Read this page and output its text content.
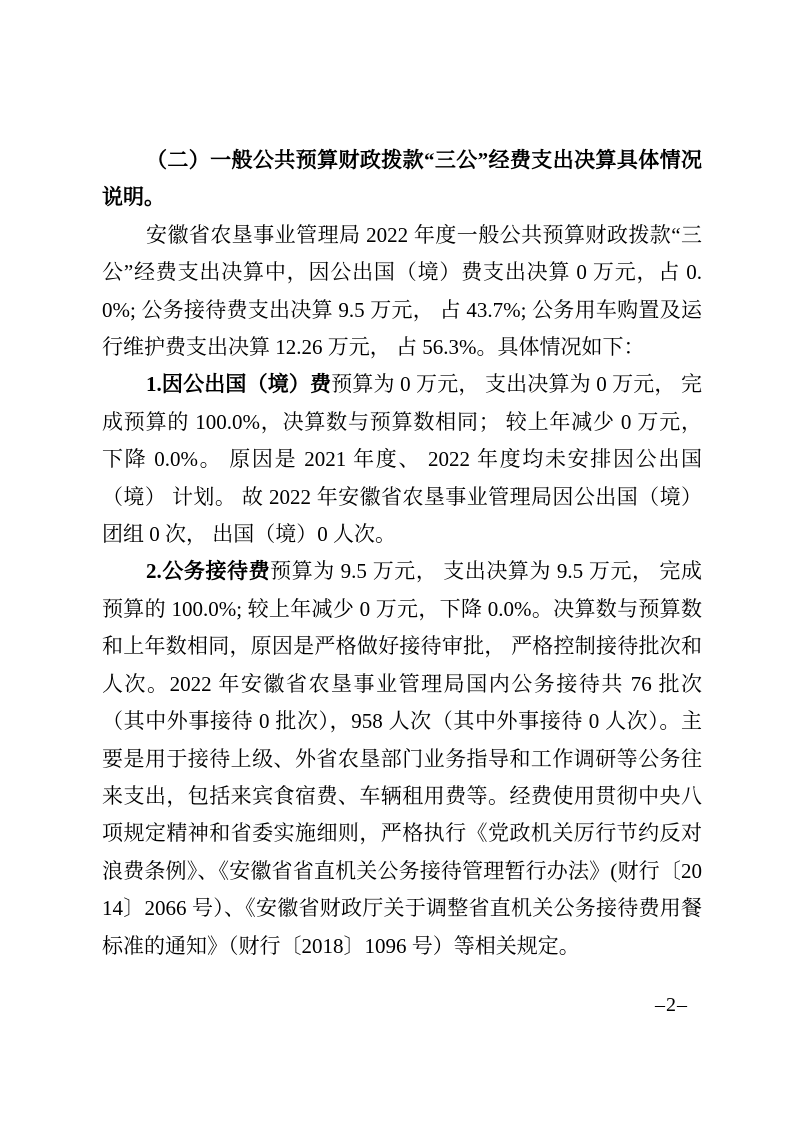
（二）一般公共预算财政拨款“三公”经费支出决算具体情况说明。

安徽省农垦事业管理局 2022 年度一般公共预算财政拨款“三公”经费支出决算中，因公出国（境）费支出决算 0 万元，占 0.0%; 公务接待费支出决算 9.5 万元， 占 43.7%; 公务用车购置及运行维护费支出决算 12.26 万元， 占 56.3%。具体情况如下：

1.因公出国（境）费预算为 0 万元， 支出决算为 0 万元， 完成预算的 100.0%，决算数与预算数相同； 较上年减少 0 万元， 下降 0.0%。 原因是 2021 年度、 2022 年度均未安排因公出国（境） 计划。 故 2022 年安徽省农垦事业管理局因公出国（境）团组 0 次， 出国（境）0 人次。

2.公务接待费预算为 9.5 万元， 支出决算为 9.5 万元， 完成预算的 100.0%; 较上年减少 0 万元，下降 0.0%。决算数与预算数和上年数相同，原因是严格做好接待审批， 严格控制接待批次和人次。2022 年安徽省农垦事业管理局国内公务接待共 76 批次（其中外事接待 0 批次），958 人次（其中外事接待 0 人次）。主要是用于接待上级、外省农垦部门业务指导和工作调研等公务往来支出，包括来宾食宿费、车辆租用费等。经费使用贯彻中央八项规定精神和省委实施细则，严格执行《党政机关厉行节约反对浪费条例》、《安徽省省直机关公务接待管理暂行办法》(财行〔2014〕2066 号）、《安徽省财政厅关于调整省直机关公务接待费用餐标准的通知》（财行〔2018〕1096 号）等相关规定。

–2–
